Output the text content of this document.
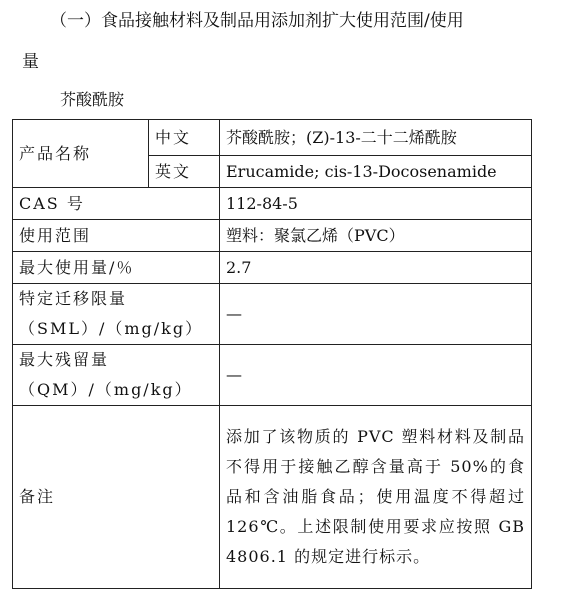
（一）食品接触材料及制品用添加剂扩大使用范围/使用
量
芥酸酰胺
产品名称	中文	芥酸酰胺；(Z)-13-二十二烯酰胺
	英文	Erucamide; cis-13-Docosenamide
CAS 号		112-84-5
使用范围		塑料：聚氯乙烯（PVC）
最大使用量/％		2.7

特定迁移限量
（SML）/（mg/kg）		—

最大残留量
（QM）/（mg/kg）		—
备注		添加了该物质的 PVC 塑料材料及制品不得用于接触乙醇含量高于 50%的食品和含油脂食品；使用温度不得超过 126℃。上述限制使用要求应按照 GB 4806.1 的规定进行标示。
